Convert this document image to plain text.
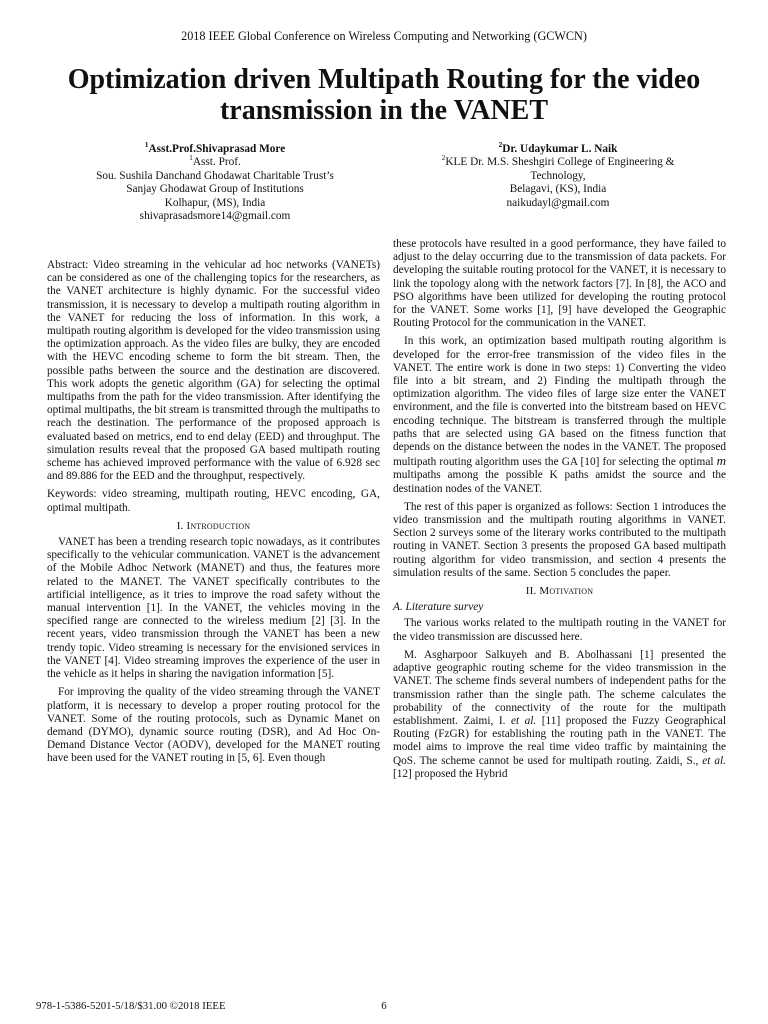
2018 IEEE Global Conference on Wireless Computing and Networking (GCWCN)
Optimization driven Multipath Routing for the video transmission in the VANET
$^1$Asst.Prof.Shivaprasad More
$^1$Asst. Prof.
Sou. Sushila Danchand Ghodawat Charitable Trust’s
Sanjay Ghodawat Group of Institutions
Kolhapur, (MS), India
shivaprasadsmore14@gmail.com
$^2$Dr. Udaykumar L. Naik
$^2$KLE Dr. M.S. Sheshgiri College of Engineering &
Technology,
Belagavi, (KS), India
naikudayl@gmail.com

Abstract: Video streaming in the vehicular ad hoc networks (VANETs) can be considered as one of the challenging topics for the researchers, as the VANET architecture is highly dynamic. For the successful video transmission, it is necessary to develop a multipath routing algorithm in the VANET for reducing the loss of information. In this work, a multipath routing algorithm is developed for the video transmission using the optimization approach. As the video files are bulky, they are encoded with the HEVC encoding scheme to form the bit stream. Then, the possible paths between the source and the destination are discovered. This work adopts the genetic algorithm (GA) for selecting the optimal multipaths from the path for the video transmission. After identifying the optimal multipaths, the bit stream is transmitted through the multipaths to reach the destination. The performance of the proposed approach is evaluated based on metrics, end to end delay (EED) and throughput. The simulation results reveal that the proposed GA based multipath routing scheme has achieved improved performance with the value of 6.928 sec and 89.886 for the EED and the throughput, respectively.

Keywords: video streaming, multipath routing, HEVC encoding, GA, optimal multipath.

I. Introduction

VANET has been a trending research topic nowadays, as it contributes specifically to the vehicular communication. VANET is the advancement of the Mobile Adhoc Network (MANET) and thus, the features more related to the MANET. The VANET specifically contributes to the artificial intelligence, as it tries to improve the road safety without the manual intervention [1]. In the VANET, the vehicles moving in the specified range are connected to the wireless medium [2] [3]. In the recent years, video transmission through the VANET has been a new trendy topic. Video streaming is necessary for the envisioned services in the VANET [4]. Video streaming improves the experience of the user in the vehicle as it helps in sharing the navigation information [5].

For improving the quality of the video streaming through the VANET platform, it is necessary to develop a proper routing protocol for the VANET. Some of the routing protocols, such as Dynamic Manet on demand (DYMO), dynamic source routing (DSR), and Ad Hoc On-Demand Distance Vector (AODV), developed for the MANET routing have been used for the VANET routing in [5, 6]. Even though

these protocols have resulted in a good performance, they have failed to adjust to the delay occurring due to the transmission of data packets. For developing the suitable routing protocol for the VANET, it is necessary to link the topology along with the network factors [7]. In [8], the ACO and PSO algorithms have been utilized for developing the routing protocol for the VANET. Some works [1], [9] have developed the Geographic Routing Protocol for the communication in the VANET.

In this work, an optimization based multipath routing algorithm is developed for the error-free transmission of the video files in the VANET. The entire work is done in two steps: 1) Converting the video file into a bit stream, and 2) Finding the multipath through the optimization algorithm. The video files of large size enter the VANET environment, and the file is converted into the bitstream based on HEVC encoding technique. The bitstream is transferred through the multiple paths that are selected using GA based on the fitness function that depends on the distance between the nodes in the VANET. The proposed multipath routing algorithm uses the GA [10] for selecting the optimal m multipaths among the possible K paths amidst the source and the destination nodes of the VANET.

The rest of this paper is organized as follows: Section 1 introduces the video transmission and the multipath routing algorithms in VANET. Section 2 surveys some of the literary works contributed to the multipath routing in VANET. Section 3 presents the proposed GA based multipath routing algorithm for video transmission, and section 4 presents the simulation results of the same. Section 5 concludes the paper.

II. Motivation
A. Literature survey

The various works related to the multipath routing in the VANET for the video transmission are discussed here.

M. Asgharpoor Salkuyeh and B. Abolhassani [1] presented the adaptive geographic routing scheme for the video transmission in the VANET. The scheme finds several numbers of independent paths for the transmission rather than the single path. The scheme calculates the probability of the connectivity of the route for the multipath establishment. Zaimi, I. et al. [11] proposed the Fuzzy Geographical Routing (FzGR) for establishing the routing path in the VANET. The model aims to improve the real time video traffic by maintaining the QoS. The scheme cannot be used for multipath routing. Zaidi, S., et al. [12] proposed the Hybrid

978-1-5386-5201-5/18/$31.00 ©2018 IEEE	6
